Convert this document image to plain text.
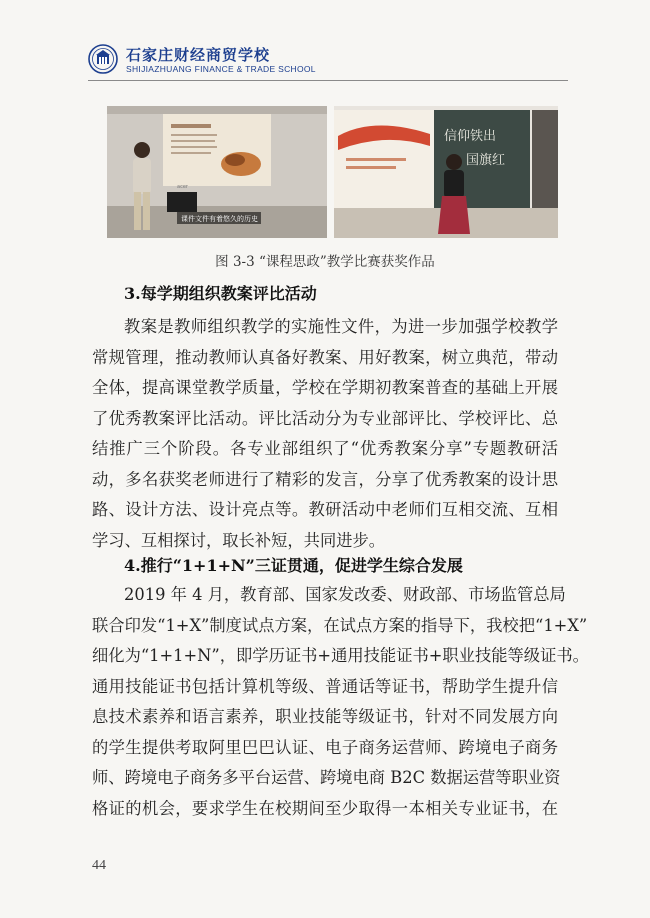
石家庄财经商贸学校
SHIJIAZHUANG FINANCE & TRADE SCHOOL
acer
课件文件有着悠久的历史
信仰铁出
国旗红
图 3-3 “课程思政”教学比赛获奖作品
3.每学期组织教案评比活动
教案是教师组织教学的实施性文件，为进一步加强学校教学
常规管理，推动教师认真备好教案、用好教案，树立典范，带动
全体，提高课堂教学质量，学校在学期初教案普查的基础上开展
了优秀教案评比活动。评比活动分为专业部评比、学校评比、总
结推广三个阶段。各专业部组织了“优秀教案分享”专题教研活
动，多名获奖老师进行了精彩的发言，分享了优秀教案的设计思
路、设计方法、设计亮点等。教研活动中老师们互相交流、互相
学习、互相探讨，取长补短，共同进步。
4.推行“1+1+N”三证贯通，促进学生综合发展
2019 年 4 月，教育部、国家发改委、财政部、市场监管总局
联合印发“1+X”制度试点方案，在试点方案的指导下，我校把“1+X”
细化为“1+1+N”，即学历证书+通用技能证书+职业技能等级证书。
通用技能证书包括计算机等级、普通话等证书，帮助学生提升信
息技术素养和语言素养，职业技能等级证书，针对不同发展方向
的学生提供考取阿里巴巴认证、电子商务运营师、跨境电子商务
师、跨境电子商务多平台运营、跨境电商 B2C 数据运营等职业资
格证的机会，要求学生在校期间至少取得一本相关专业证书，在
44
